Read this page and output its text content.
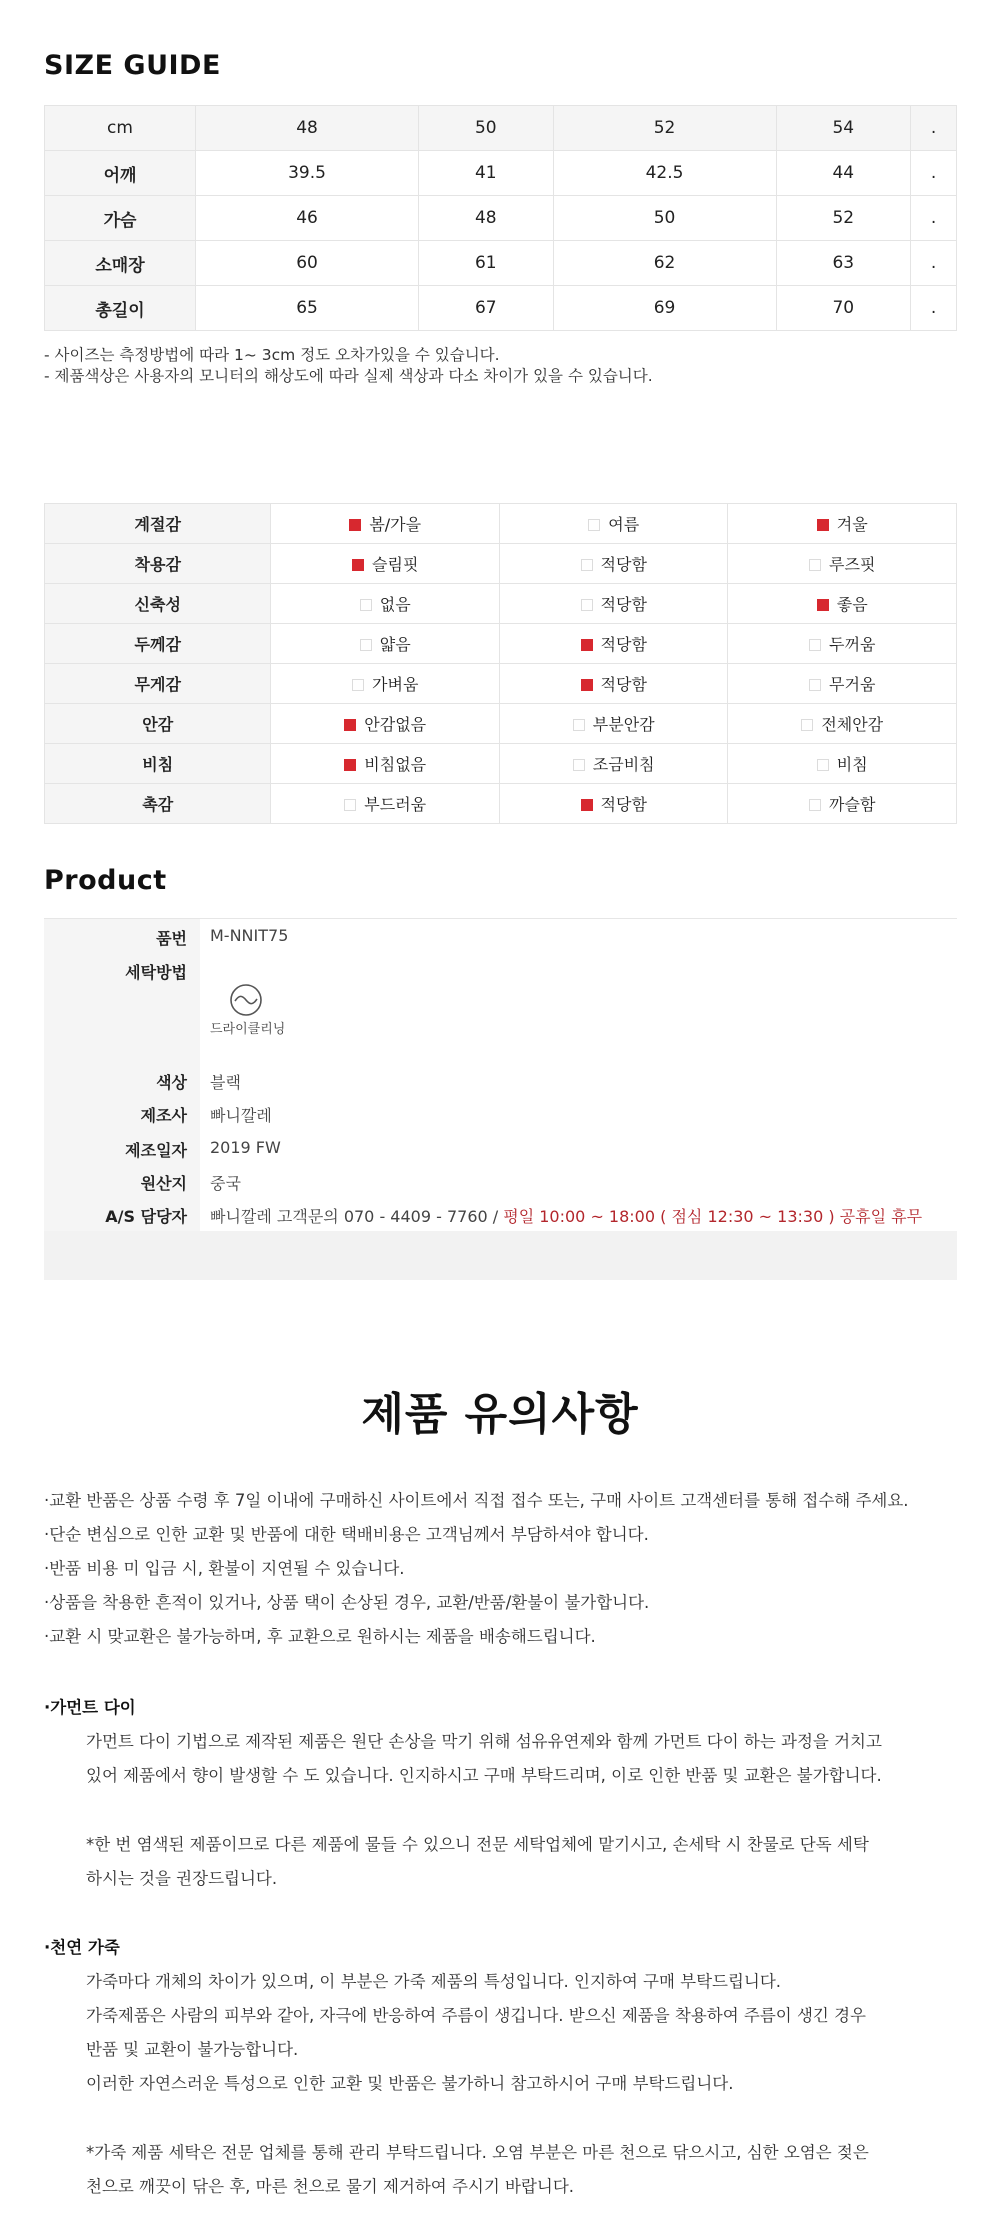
SIZE GUIDE
cm	48	50	52	54	.
어깨	39.5	41	42.5	44	.
가슴	46	48	50	52	.
소매장	60	61	62	63	.
총길이	65	67	69	70	.
- 사이즈는 측정방법에 따라 1~ 3cm 정도 오차가있을 수 있습니다.
- 제품색상은 사용자의 모니터의 해상도에 따라 실제 색상과 다소 차이가 있을 수 있습니다.
계절감	봄/가을	여름	겨울
착용감	슬림핏	적당함	루즈핏
신축성	없음	적당함	좋음
두께감	얇음	적당함	두꺼움
무게감	가벼움	적당함	무거움
안감	안감없음	부분안감	전체안감
비침	비침없음	조금비침	비침
촉감	부드러움	적당함	까슬함
Product
품번 M-NNIT75
세탁방법
드라이클리닝
색상 블랙
제조사 빠니깔레
제조일자 2019 FW
원산지 중국
A/S 담당자 빠니깔레 고객문의 070 - 4409 - 7760 / 평일 10:00 ~ 18:00 ( 점심 12:30 ~ 13:30 ) 공휴일 휴무
제품 유의사항
·교환 반품은 상품 수령 후 7일 이내에 구매하신 사이트에서 직접 접수 또는, 구매 사이트 고객센터를 통해 접수해 주세요.
·단순 변심으로 인한 교환 및 반품에 대한 택배비용은 고객님께서 부담하셔야 합니다.
·반품 비용 미 입금 시, 환불이 지연될 수 있습니다.
·상품을 착용한 흔적이 있거나, 상품 택이 손상된 경우, 교환/반품/환불이 불가합니다.
·교환 시 맞교환은 불가능하며, 후 교환으로 원하시는 제품을 배송해드립니다.
·가먼트 다이
가먼트 다이 기법으로 제작된 제품은 원단 손상을 막기 위해 섬유유연제와 함께 가먼트 다이 하는 과정을 거치고
있어 제품에서 향이 발생할 수 도 있습니다. 인지하시고 구매 부탁드리며, 이로 인한 반품 및 교환은 불가합니다.
*한 번 염색된 제품이므로 다른 제품에 물들 수 있으니 전문 세탁업체에 맡기시고, 손세탁 시 찬물로 단독 세탁
하시는 것을 권장드립니다.
·천연 가죽
가죽마다 개체의 차이가 있으며, 이 부분은 가죽 제품의 특성입니다. 인지하여 구매 부탁드립니다.
가죽제품은 사람의 피부와 같아, 자극에 반응하여 주름이 생깁니다. 받으신 제품을 착용하여 주름이 생긴 경우
반품 및 교환이 불가능합니다.
이러한 자연스러운 특성으로 인한 교환 및 반품은 불가하니 참고하시어 구매 부탁드립니다.
*가죽 제품 세탁은 전문 업체를 통해 관리 부탁드립니다. 오염 부분은 마른 천으로 닦으시고, 심한 오염은 젖은
천으로 깨끗이 닦은 후, 마른 천으로 물기 제거하여 주시기 바랍니다.
